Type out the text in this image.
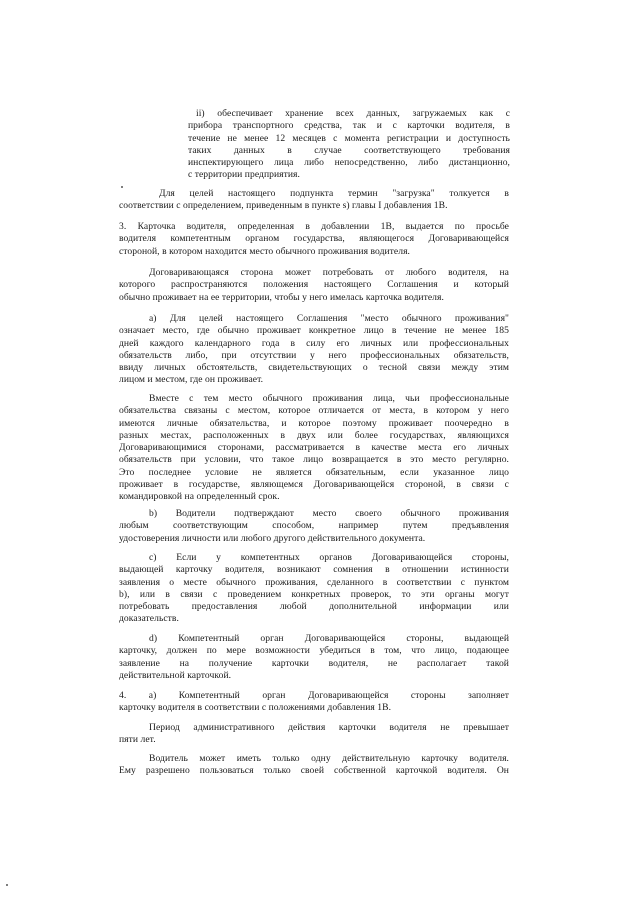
ii) обеспечивает хранение всех данных, загружаемых как с
прибора транспортного средства, так и с карточки водителя, в
течение не менее 12 месяцев с момента регистрации и доступность
таких данных в случае соответствующего требования
инспектирующего лица либо непосредственно, либо дистанционно,
с территории предприятия.
Для целей настоящего подпункта термин "загрузка" толкуется в
соответствии с определением, приведенным в пункте s) главы I добавления 1B.
3. Карточка водителя, определенная в добавлении 1B, выдается по просьбе
водителя компетентным органом государства, являющегося Договаривающейся
стороной, в котором находится место обычного проживания водителя.
Договаривающаяся сторона может потребовать от любого водителя, на
которого распространяются положения настоящего Соглашения и который
обычно проживает на ее территории, чтобы у него имелась карточка водителя.
a) Для целей настоящего Соглашения "место обычного проживания"
означает место, где обычно проживает конкретное лицо в течение не менее 185
дней каждого календарного года в силу его личных или профессиональных
обязательств либо, при отсутствии у него профессиональных обязательств,
ввиду личных обстоятельств, свидетельствующих о тесной связи между этим
лицом и местом, где он проживает.
Вместе с тем место обычного проживания лица, чьи профессиональные
обязательства связаны с местом, которое отличается от места, в котором у него
имеются личные обязательства, и которое поэтому проживает поочередно в
разных местах, расположенных в двух или более государствах, являющихся
Договаривающимися сторонами, рассматривается в качестве места его личных
обязательств при условии, что такое лицо возвращается в это место регулярно.
Это последнее условие не является обязательным, если указанное лицо
проживает в государстве, являющемся Договаривающейся стороной, в связи с
командировкой на определенный срок.
b) Водители подтверждают место своего обычного проживания
любым соответствующим способом, например путем предъявления
удостоверения личности или любого другого действительного документа.
c) Если у компетентных органов Договаривающейся стороны,
выдающей карточку водителя, возникают сомнения в отношении истинности
заявления о месте обычного проживания, сделанного в соответствии с пунктом
b), или в связи с проведением конкретных проверок, то эти органы могут
потребовать предоставления любой дополнительной информации или
доказательств.
d) Компетентный орган Договаривающейся стороны, выдающей
карточку, должен по мере возможности убедиться в том, что лицо, подающее
заявление на получение карточки водителя, не располагает такой
действительной карточкой.
4. a) Компетентный орган Договаривающейся стороны заполняет
карточку водителя в соответствии с положениями добавления 1B.
Период административного действия карточки водителя не превышает
пяти лет.
Водитель может иметь только одну действительную карточку водителя.
Ему разрешено пользоваться только своей собственной карточкой водителя. Он
